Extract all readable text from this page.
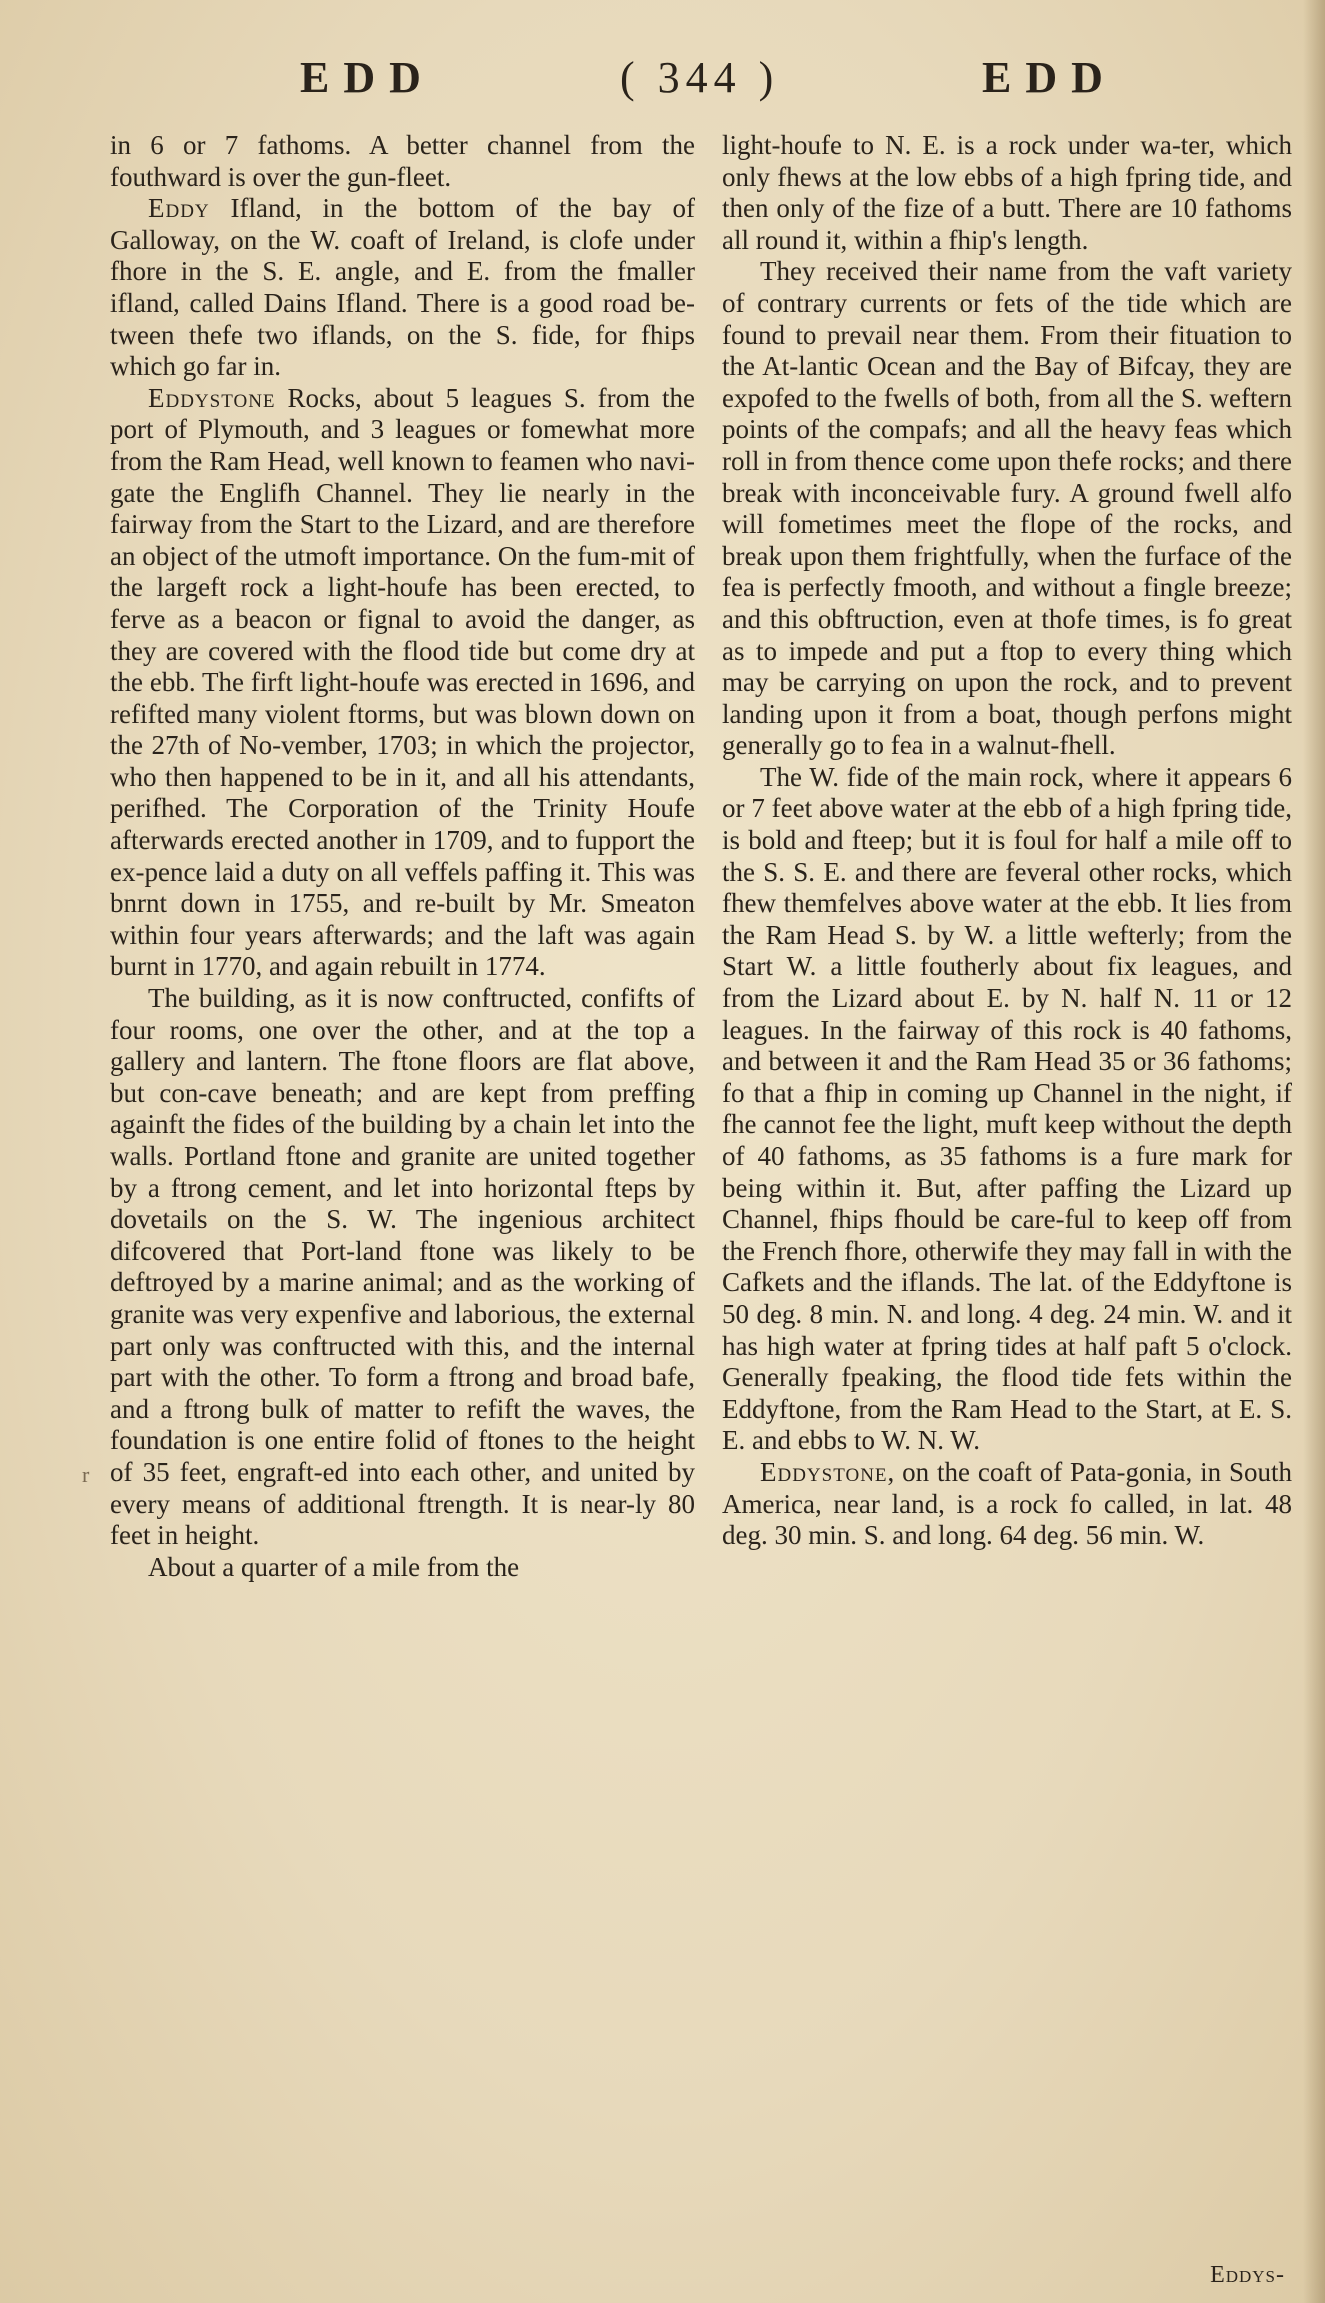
EDD	( 344 )	EDD
r

in 6 or 7 fathoms. A better channel from the fouthward is over the gun-fleet.

Eddy Ifland, in the bottom of the bay of Galloway, on the W. coaft of Ireland, is clofe under fhore in the S. E. angle, and E. from the fmaller ifland, called Dains Ifland. There is a good road be-tween thefe two iflands, on the S. fide, for fhips which go far in.

Eddystone Rocks, about 5 leagues S. from the port of Plymouth, and 3 leagues or fomewhat more from the Ram Head, well known to feamen who navi-gate the Englifh Channel. They lie nearly in the fairway from the Start to the Lizard, and are therefore an object of the utmoft importance. On the fum-mit of the largeft rock a light-houfe has been erected, to ferve as a beacon or fignal to avoid the danger, as they are covered with the flood tide but come dry at the ebb. The firft light-houfe was erected in 1696, and refifted many violent ftorms, but was blown down on the 27th of No-vember, 1703; in which the projector, who then happened to be in it, and all his attendants, perifhed. The Corporation of the Trinity Houfe afterwards erected another in 1709, and to fupport the ex-pence laid a duty on all veffels paffing it. This was bnrnt down in 1755, and re-built by Mr. Smeaton within four years afterwards; and the laft was again burnt in 1770, and again rebuilt in 1774.

The building, as it is now conftructed, confifts of four rooms, one over the other, and at the top a gallery and lantern. The ftone floors are flat above, but con-cave beneath; and are kept from preffing againft the fides of the building by a chain let into the walls. Portland ftone and granite are united together by a ftrong cement, and let into horizontal fteps by dovetails on the S. W. The ingenious architect difcovered that Port-land ftone was likely to be deftroyed by a marine animal; and as the working of granite was very expenfive and laborious, the external part only was conftructed with this, and the internal part with the other. To form a ftrong and broad bafe, and a ftrong bulk of matter to refift the waves, the foundation is one entire folid of ftones to the height of 35 feet, engraft-ed into each other, and united by every means of additional ftrength. It is near-ly 80 feet in height.

About a quarter of a mile from the

light-houfe to N. E. is a rock under wa-ter, which only fhews at the low ebbs of a high fpring tide, and then only of the fize of a butt. There are 10 fathoms all round it, within a fhip's length.

They received their name from the vaft variety of contrary currents or fets of the tide which are found to prevail near them. From their fituation to the At-lantic Ocean and the Bay of Bifcay, they are expofed to the fwells of both, from all the S. weftern points of the compafs; and all the heavy feas which roll in from thence come upon thefe rocks; and there break with inconceivable fury. A ground fwell alfo will fometimes meet the flope of the rocks, and break upon them frightfully, when the furface of the fea is perfectly fmooth, and without a fingle breeze; and this obftruction, even at thofe times, is fo great as to impede and put a ftop to every thing which may be carrying on upon the rock, and to prevent landing upon it from a boat, though perfons might generally go to fea in a walnut-fhell.

The W. fide of the main rock, where it appears 6 or 7 feet above water at the ebb of a high fpring tide, is bold and fteep; but it is foul for half a mile off to the S. S. E. and there are feveral other rocks, which fhew themfelves above water at the ebb. It lies from the Ram Head S. by W. a little wefterly; from the Start W. a little foutherly about fix leagues, and from the Lizard about E. by N. half N. 11 or 12 leagues. In the fairway of this rock is 40 fathoms, and between it and the Ram Head 35 or 36 fathoms; fo that a fhip in coming up Channel in the night, if fhe cannot fee the light, muft keep without the depth of 40 fathoms, as 35 fathoms is a fure mark for being within it. But, after paffing the Lizard up Channel, fhips fhould be care-ful to keep off from the French fhore, otherwife they may fall in with the Cafkets and the iflands. The lat. of the Eddyftone is 50 deg. 8 min. N. and long. 4 deg. 24 min. W. and it has high water at fpring tides at half paft 5 o'clock. Generally fpeaking, the flood tide fets within the Eddyftone, from the Ram Head to the Start, at E. S. E. and ebbs to W. N. W.

Eddystone, on the coaft of Pata-gonia, in South America, near land, is a rock fo called, in lat. 48 deg. 30 min. S. and long. 64 deg. 56 min. W.

Eddys-
